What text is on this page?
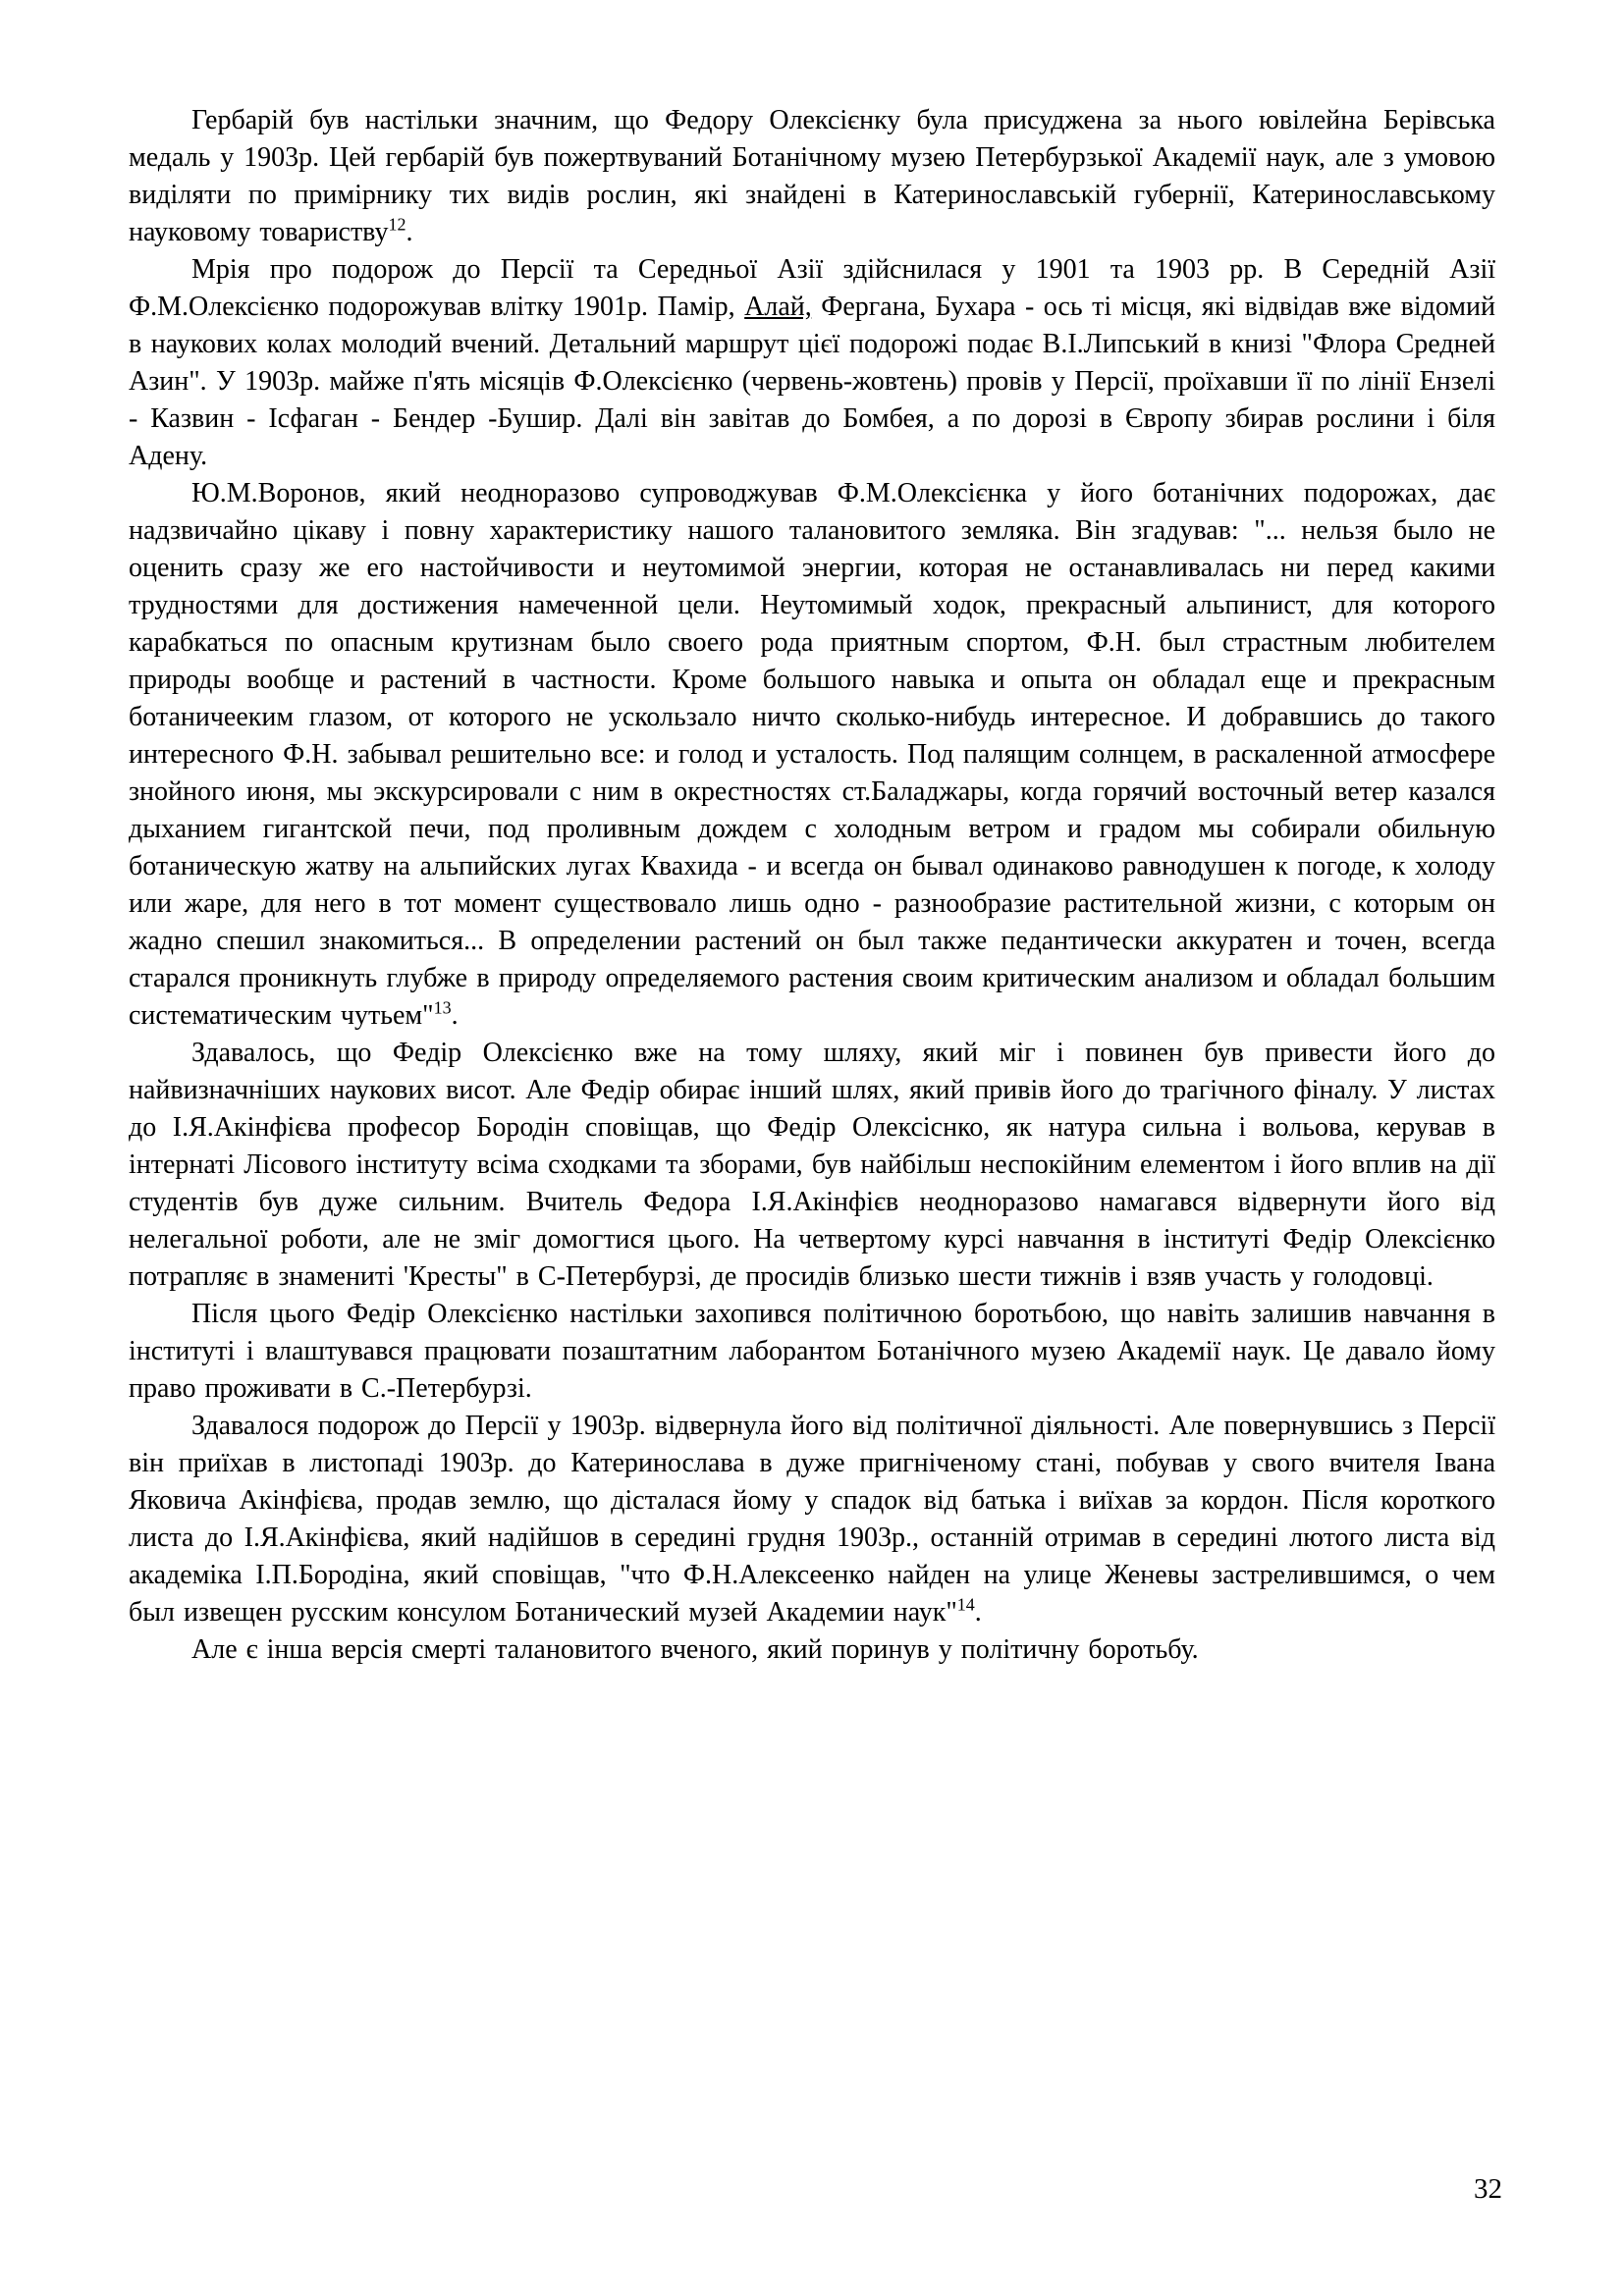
Гербарій був настільки значним, що Федору Олексієнку була присуджена за нього ювілейна Берівська медаль у 1903р. Цей гербарій був пожертвуваний Ботанічному музею Петербурзької Академії наук, але з умовою виділяти по примірнику тих видів рослин, які знайдені в Катеринославській губернії, Катеринославському науковому товариству$^{12}$.

Мрія про подорож до Персії та Середньої Азії здійснилася у 1901 та 1903 рр. В Середній Азії Ф.М.Олексієнко подорожував влітку 1901р. Памір, Алай, Фергана, Бухара - ось ті місця, які відвідав вже відомий в наукових колах молодий вчений. Детальний маршрут цієї подорожі подає В.І.Липський в книзі "Флора Средней Азин". У 1903р. майже п'ять місяців Ф.Олексієнко (червень-жовтень) провів у Персії, проїхавши її по лінії Ензелі - Казвин - Ісфаган - Бендер -Бушир. Далі він завітав до Бомбея, а по дорозі в Європу збирав рослини і біля Адену.

Ю.М.Воронов, який неодноразово супроводжував Ф.М.Олексієнка у його ботанічних подорожах, дає надзвичайно цікаву і повну характеристику нашого талановитого земляка. Він згадував: "... нельзя было не оценить сразу же его настойчивости и неутомимой энергии, которая не останавливалась ни перед какими трудностями для достижения намеченной цели. Неутомимый ходок, прекрасный альпинист, для которого карабкаться по опасным крутизнам было своего рода приятным спортом, Ф.Н. был страстным любителем природы вообще и растений в частности. Кроме большого навыка и опыта он обладал еще и прекрасным ботаничееким глазом, от которого не ускользало ничто сколько-нибудь интересное. И добравшись до такого интересного Ф.Н. забывал решительно все: и голод и усталость. Под палящим солнцем, в раскаленной атмосфере знойного июня, мы экскурсировали с ним в окрестностях ст.Баладжары, когда горячий восточный ветер казался дыханием гигантской печи, под проливным дождем с холодным ветром и градом мы собирали обильную ботаническую жатву на альпийских лугах Квахида - и всегда он бывал одинаково равнодушен к погоде, к холоду или жаре, для него в тот момент существовало лишь одно - разнообразие растительной жизни, с которым он жадно спешил знакомиться... В определении растений он был также педантически аккуратен и точен, всегда старался проникнуть глубже в природу определяемого растения своим критическим анализом и обладал большим систематическим чутьем"$^{13}$.

Здавалось, що Федір Олексієнко вже на тому шляху, який міг і повинен був привести його до найвизначніших наукових висот. Але Федір обирає інший шлях, який привів його до трагічного фіналу. У листах до І.Я.Акінфієва професор Бородін сповіщав, що Федір Олексіснко, як натура сильна і вольова, керував в інтернаті Лісового інституту всіма сходками та зборами, був найбільш неспокійним елементом і його вплив на дії студентів був дуже сильним. Вчитель Федора І.Я.Акінфієв неодноразово намагався відвернути його від нелегальної роботи, але не зміг домогтися цього. На четвертому курсі навчання в інституті Федір Олексієнко потрапляє в знамениті 'Кресты" в С-Петербурзі, де просидів близько шести тижнів і взяв участь у голодовці.

Після цього Федір Олексієнко настільки захопився політичною боротьбою, що навіть залишив навчання в інституті і влаштувався працювати позаштатним лаборантом Ботанічного музею Академії наук. Це давало йому право проживати в С.-Петербурзі.

Здавалося подорож до Персії у 1903р. відвернула його від політичної діяльності. Але повернувшись з Персії він приїхав в листопаді 1903р. до Катеринослава в дуже пригніченому стані, побував у свого вчителя Івана Яковича Акінфієва, продав землю, що дісталася йому у спадок від батька і виїхав за кордон. Після короткого листа до І.Я.Акінфієва, який надійшов в середині грудня 1903р., останній отримав в середині лютого листа від академіка І.П.Бородіна, який сповіщав, "что Ф.Н.Алексеенко найден на улице Женевы застрелившимся, о чем был извещен русским консулом Ботанический музей Академии наук"$^{14}$.

Але є інша версія смерті талановитого вченого, який поринув у політичну боротьбу.

32
